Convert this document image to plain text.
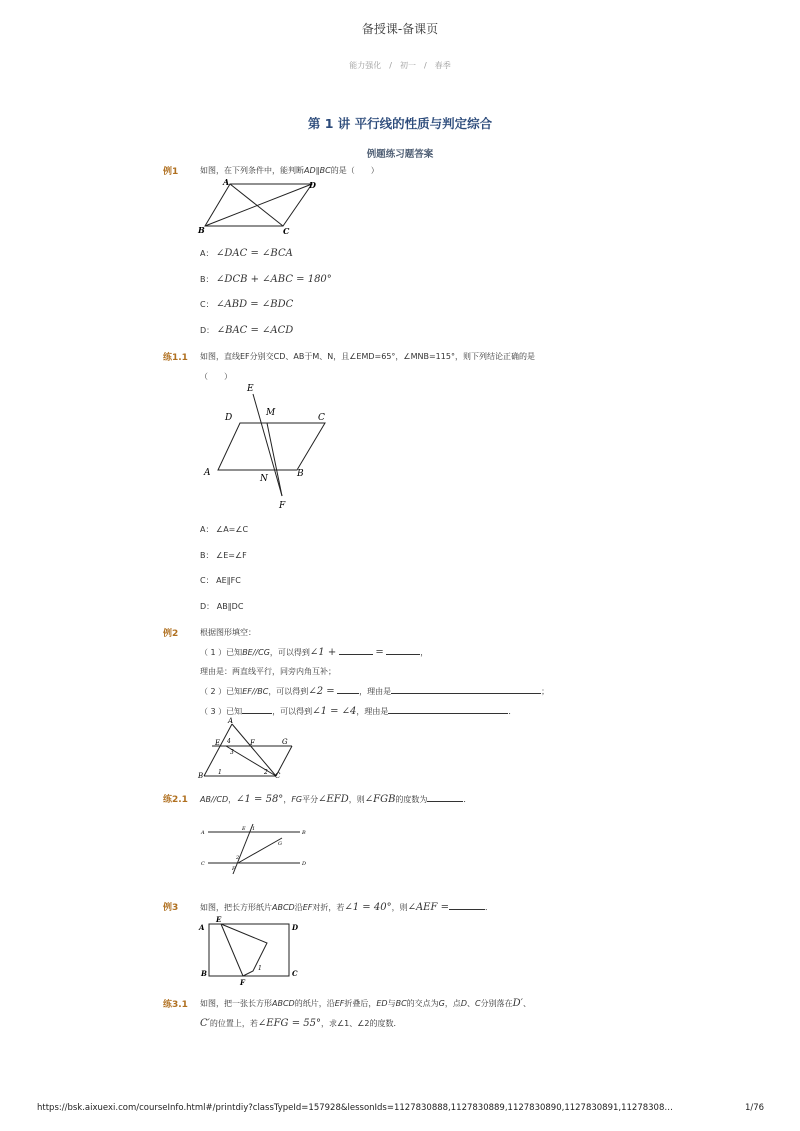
备授课-备课页
能力强化 / 初一 / 春季
第 1 讲 平行线的性质与判定综合
例题练习题答案
例1	如图，在下列条件中，能判断AD∥BC的是（　　）
A	D
B	C
A： ∠DAC = ∠BCA
B： ∠DCB + ∠ABC = 180°
C： ∠ABD = ∠BDC
D： ∠BAC = ∠ACD
练1.1 如图，直线EF分别交CD、AB于M、N，且∠EMD=65°，∠MNB=115°，则下列结论正确的是
（　　）
E
D	M	C
A
N	B
F
A： ∠A=∠C
B： ∠E=∠F
C： AE∥FC
D： AB∥DC
例2	根据图形填空：
（ 1 ）已知BE//CG，可以得到∠1 +	=	，
理由是：两直线平行，同旁内角互补；
（ 2 ）已知EF//BC，可以得到∠2 =	，理由是	；
（ 3 ）已知	，可以得到∠1 = ∠4，理由是	．
A
E	F	G
B	C
1	2
3
4
练2.1 AB//CD，∠1 = 58°，FG平分∠EFD，则∠FGB的度数为	．
A	B
C	D
E
F
G
1
2
例3	如图，把长方形纸片ABCD沿EF对折，若∠1 = 40°，则∠AEF =	．
E
A	D
B
F
C
1
练3.1 如图，把一张长方形ABCD的纸片，沿EF折叠后，ED与BC的交点为G，点D、C分别落在D′、
C′的位置上，若∠EFG = 55°，求∠1、∠2的度数．
https://bsk.aixuexi.com/courseInfo.html#/printdiy?classTypeId=157928&lessonIds=1127830888,1127830889,1127830890,1127830891,11278308…	1/76
